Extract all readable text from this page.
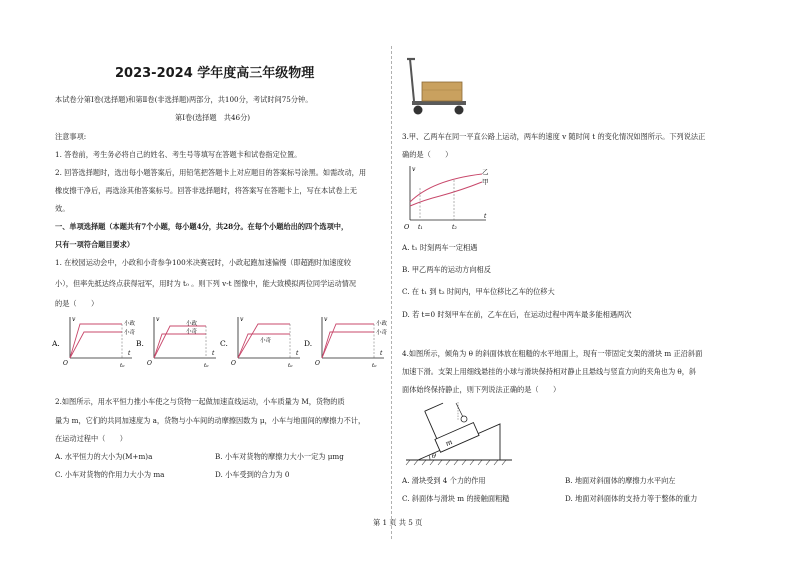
2023-2024 学年度高三年级物理
本试卷分第Ⅰ卷(选择题)和第Ⅱ卷(非选择题)两部分，共100分，考试时间75分钟。
第Ⅰ卷(选择题　共46分)
注意事项:
1. 答卷前，考生务必将自己的姓名、考生号等填写在答题卡和试卷指定位置。
2. 回答选择题时，选出每小题答案后，用铅笔把答题卡上对应题目的答案标号涂黑。如需改动，用
橡皮擦干净后，再选涂其他答案标号。回答非选择题时，将答案写在答题卡上，写在本试卷上无
效。
一、单项选择题（本题共有7个小题，每小题4分，共28分。在每个小题给出的四个选项中，
只有一项符合题目要求）
1. 在校园运动会中，小政和小奇参争100米决赛冠时，小政起跑加速偏慢（即超跑时加速度较
小），但率先抵达终点获得冠军，用时为 t₀ 。则下列 v-t 图像中，能大致模拟两位同学运动情况
的是（　　）
A.
v
t
O	t₀
小政
小奇
B.
v
t
O	t₀
小政
小奇
C.
v
t
O	t₀
小奇	D.
v
t
O	t₀
小政
小奇
2.如图所示，用水平恒力推小车使之与货物一起做加速直线运动，小车质量为 M，货物的质
量为 m，它们的共同加速度为 a，货物与小车间的动摩擦因数为 μ，小车与地面间的摩擦力不计，
在运动过程中（　　）
A. 水平恒力的大小为(M+m)a	B. 小车对货物的摩擦力大小一定为 μmg
C. 小车对货物的作用力大小为 ma	D. 小车受到的合力为 0
3.甲、乙两车在同一平直公路上运动，两车的速度 v 随时间 t 的变化情况如图所示。下列说法正
确的是（　　）
v
t
O t₁	t₂
乙
甲
A. t₁ 时刻两车一定相遇
B. 甲乙两车的运动方向相反
C. 在 t₁ 到 t₂ 时间内，甲车位移比乙车的位移大
D. 若 t=0 时刻甲车在前，乙车在后，在运动过程中两车最多能相遇两次
4.如图所示，倾角为 θ 的斜面体放在粗糙的水平地面上，现有一带固定支架的滑块 m 正沿斜面
加速下滑。支架上用细线悬挂的小球与滑块保持相对静止且悬线与竖直方向的夹角也为 θ，斜
面体始终保持静止，则下列说法正确的是（　　）
θ
m
A. 滑块受到 4 个力的作用	B. 地面对斜面体的摩擦力水平向左
C. 斜面体与滑块 m 的接触面粗糙	D. 地面对斜面体的支持力等于整体的重力
第 1 页 共 5 页
